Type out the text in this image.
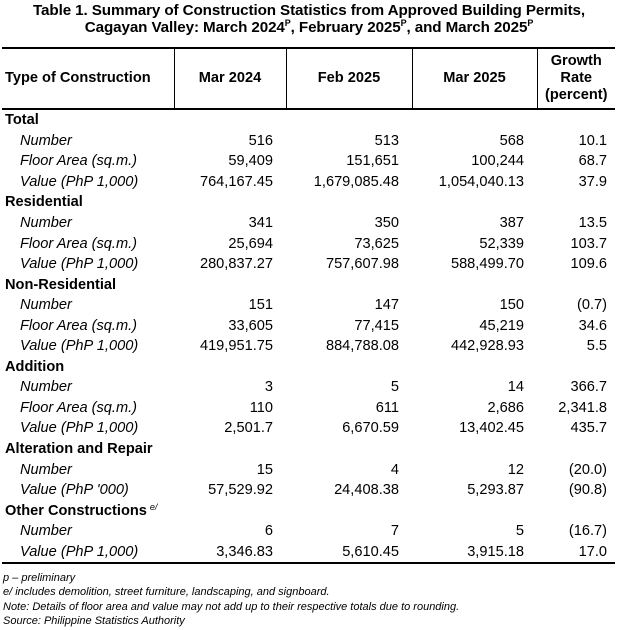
Table 1. Summary of Construction Statistics from Approved Building Permits,
Cagayan Valley: March $2024^P$, February $2025^P$, and March $2025^P$
Type of Construction	Mar 2024	Feb 2025	Mar 2025	Growth
Rate
(percent)

Total				
Number	516	513	568	10.1
Floor Area (sq.m.)	59,409	151,651	100,244	68.7
Value (PhP 1,000)	764,167.45	1,679,085.48	1,054,040.13	37.9
Residential				
Number	341	350	387	13.5
Floor Area (sq.m.)	25,694	73,625	52,339	103.7
Value (PhP 1,000)	280,837.27	757,607.98	588,499.70	109.6
Non-Residential				
Number	151	147	150	(0.7)
Floor Area (sq.m.)	33,605	77,415	45,219	34.6
Value (PhP 1,000)	419,951.75	884,788.08	442,928.93	5.5
Addition				
Number	3	5	14	366.7
Floor Area (sq.m.)	110	611	2,686	2,341.8
Value (PhP 1,000)	2,501.7	6,670.59	13,402.45	435.7
Alteration and Repair				
Number	15	4	12	(20.0)
Value (PhP '000)	57,529.92	24,408.38	5,293.87	(90.8)
Other Constructions $^{e/}$
Number	6	7	5	(16.7)
Value (PhP 1,000)	3,346.83	5,610.45	3,915.18	17.0
p – preliminary
e/ includes demolition, street furniture, landscaping, and signboard.
Note: Details of floor area and value may not add up to their respective totals due to rounding.
Source: Philippine Statistics Authority
